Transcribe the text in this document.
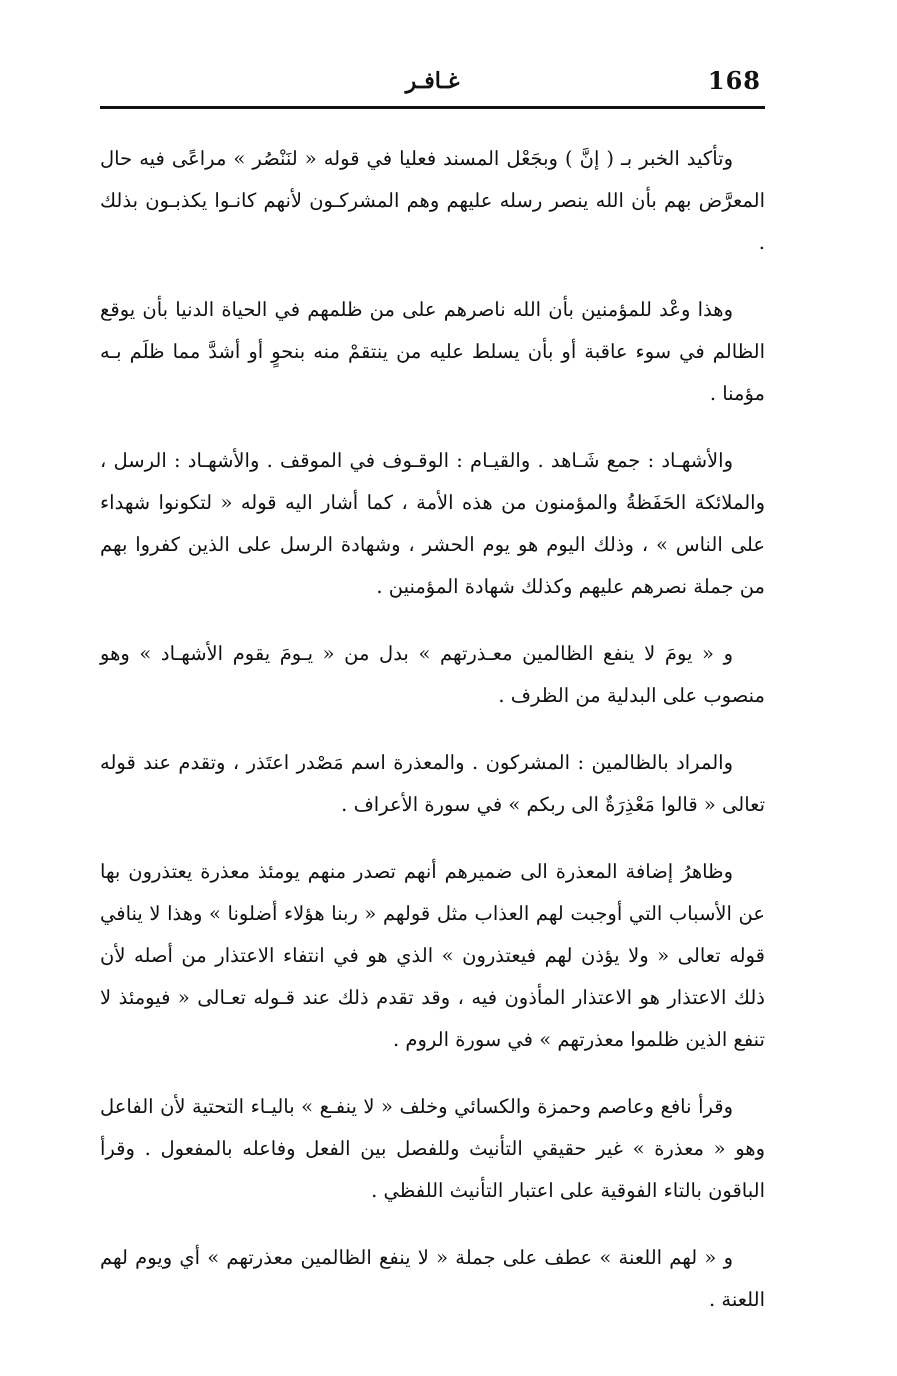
168
غـافـر

وتأكيد الخبر بـ ( إنَّ ) وبجَعْل المسند فعليا في قوله « لنَنْصُر » مراعًى فيه حال المعرَّض بهم بأن الله ينصر رسله عليهم وهم المشركـون لأنهم كانـوا يكذبـون بذلك .

وهذا وعْد للمؤمنين بأن الله ناصرهم على من ظلمهم في الحياة الدنيا بأن يوقع الظالم في سوء عاقبة أو بأن يسلط عليه من ينتقمْ منه بنحوٍ أو أشدَّ مما ظلَم بـه مؤمنا .

والأشهـاد : جمع شَـاهد . والقيـام : الوقـوف في الموقف . والأشهـاد : الرسل ، والملائكة الحَفَظةُ والمؤمنون من هذه الأمة ، كما أشار اليه قوله « لتكونوا شهداء على الناس » ، وذلك اليوم هو يوم الحشر ، وشهادة الرسل على الذين كفروا بهم من جملة نصرهم عليهم وكذلك شهادة المؤمنين .

و « يومَ لا ينفع الظالمين معـذرتهم » بدل من « يـومَ يقوم الأشهـاد » وهو منصوب على البدلية من الظرف .

والمراد بالظالمين : المشركون . والمعذرة اسم مَصْدر اعتَذر ، وتقدم عند قوله تعالى « قالوا مَعْذِرَةٌ الى ربكم » في سورة الأعراف .

وظاهرُ إضافة المعذرة الى ضميرهم أنهم تصدر منهم يومئذ معذرة يعتذرون بها عن الأسباب التي أوجبت لهم العذاب مثل قولهم « ربنا هؤلاء أضلونا » وهذا لا ينافي قوله تعالى « ولا يؤذن لهم فيعتذرون » الذي هو في انتفاء الاعتذار من أصله لأن ذلك الاعتذار هو الاعتذار المأذون فيه ، وقد تقدم ذلك عند قـوله تعـالى « فيومئذ لا تنفع الذين ظلموا معذرتهم » في سورة الروم .

وقرأ نافع وعاصم وحمزة والكسائي وخلف « لا ينفـع » باليـاء التحتية لأن الفاعل وهو « معذرة » غير حقيقي التأنيث وللفصل بين الفعل وفاعله بالمفعول . وقرأ الباقون بالتاء الفوقية على اعتبار التأنيث اللفظي .

و « لهم اللعنة » عطف على جملة « لا ينفع الظالمين معذرتهم » أي ويوم لهم اللعنة .
